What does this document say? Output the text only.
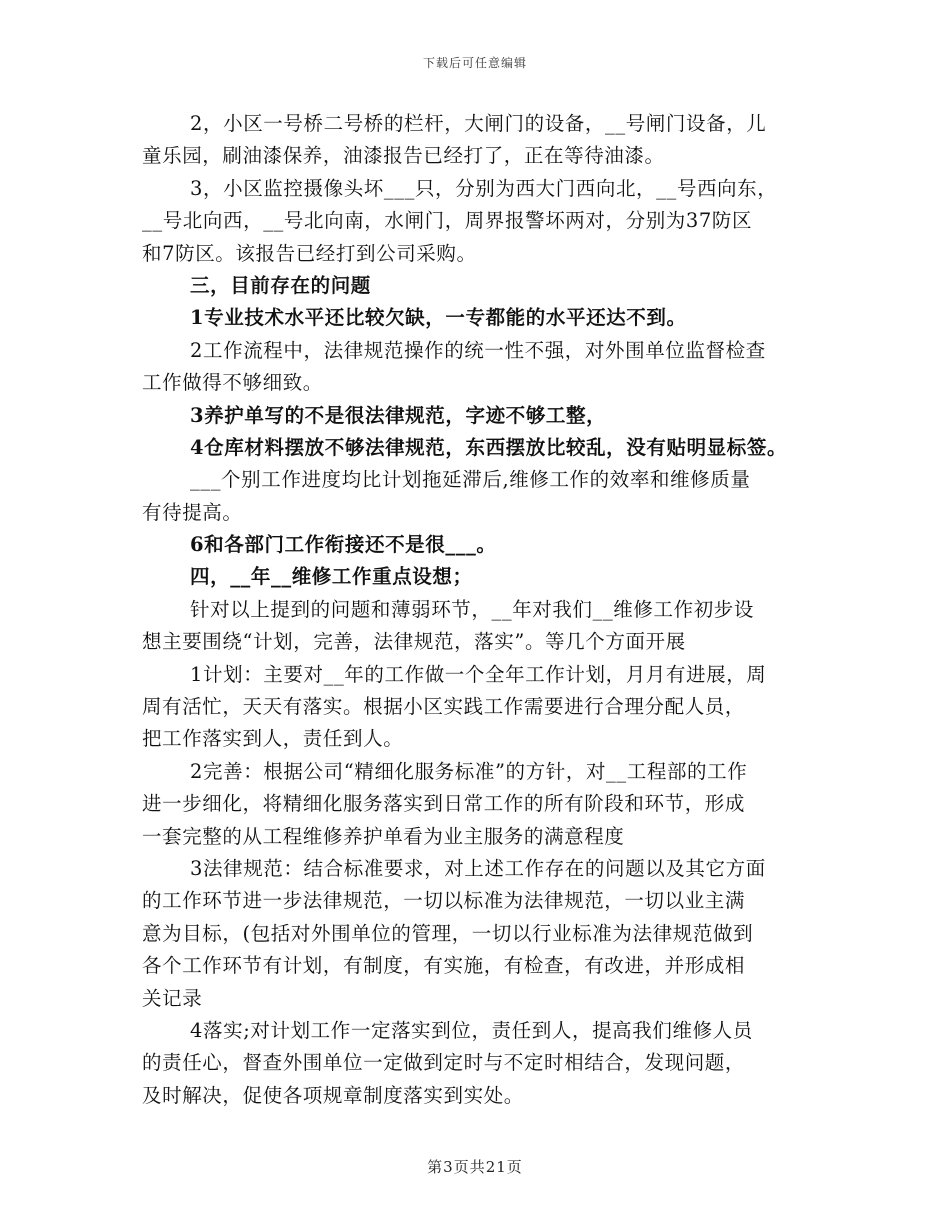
下载后可任意编辑
2，小区一号桥二号桥的栏杆，大闸门的设备，__号闸门设备，儿
童乐园，刷油漆保养，油漆报告已经打了，正在等待油漆。
3，小区监控摄像头坏___只，分别为西大门西向北，__号西向东，
__号北向西，__号北向南，水闸门，周界报警坏两对，分别为37防区
和7防区。该报告已经打到公司采购。
三，目前存在的问题
1专业技术水平还比较欠缺，一专都能的水平还达不到。
2工作流程中，法律规范操作的统一性不强，对外围单位监督检查
工作做得不够细致。
3养护单写的不是很法律规范，字迹不够工整，
4仓库材料摆放不够法律规范，东西摆放比较乱，没有贴明显标签。
___个别工作进度均比计划拖延滞后,维修工作的效率和维修质量
有待提高。
6和各部门工作衔接还不是很___。
四，__年__维修工作重点设想；
针对以上提到的问题和薄弱环节，__年对我们__维修工作初步设
想主要围绕“计划，完善，法律规范，落实”。等几个方面开展
1计划：主要对__年的工作做一个全年工作计划，月月有进展，周
周有活忙，天天有落实。根据小区实践工作需要进行合理分配人员，
把工作落实到人，责任到人。
2完善：根据公司“精细化服务标准”的方针，对__工程部的工作
进一步细化，将精细化服务落实到日常工作的所有阶段和环节，形成
一套完整的从工程维修养护单看为业主服务的满意程度
3法律规范：结合标准要求，对上述工作存在的问题以及其它方面
的工作环节进一步法律规范，一切以标准为法律规范，一切以业主满
意为目标，(包括对外围单位的管理，一切以行业标准为法律规范做到
各个工作环节有计划，有制度，有实施，有检查，有改进，并形成相
关记录
4落实;对计划工作一定落实到位，责任到人，提高我们维修人员
的责任心，督查外围单位一定做到定时与不定时相结合，发现问题，
及时解决，促使各项规章制度落实到实处。
第3页共21页
